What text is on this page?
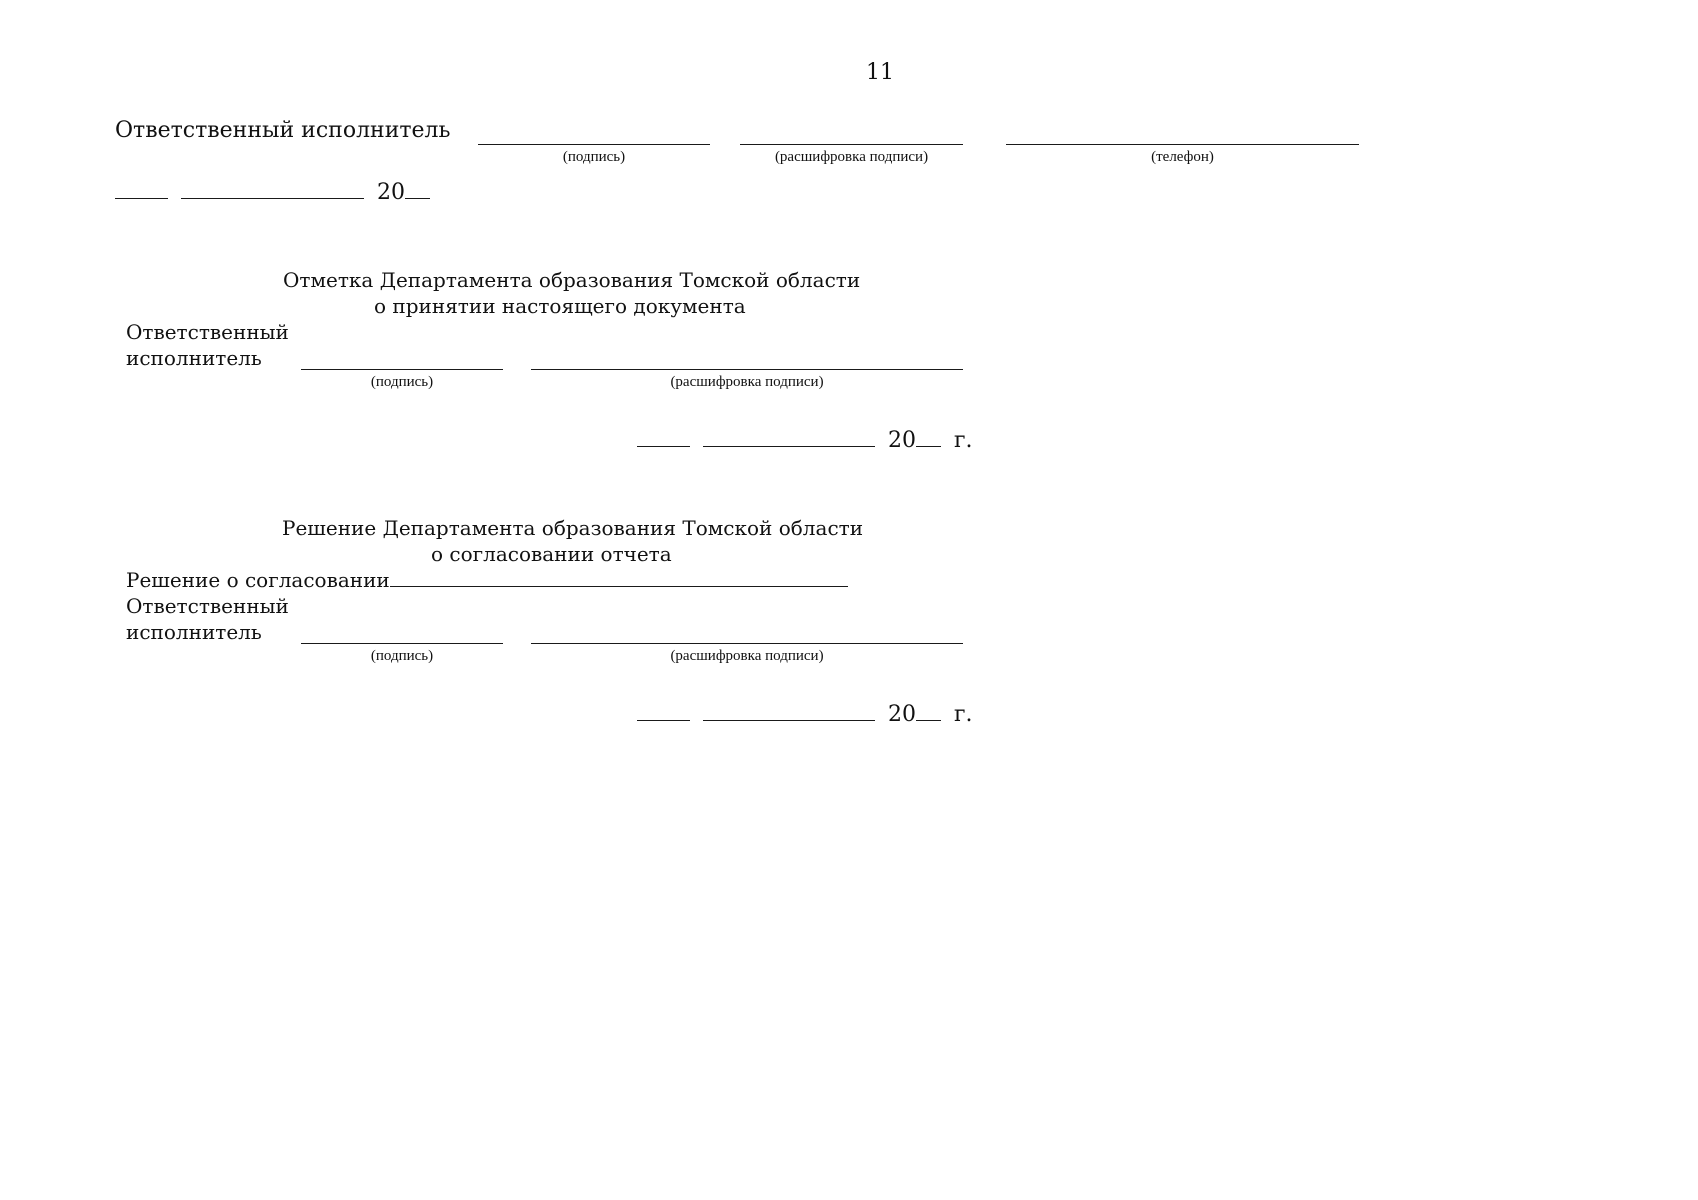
11
Ответственный исполнитель
(подпись)	(расшифровка подписи)	(телефон)
20
Отметка Департамента образования Томской области
о принятии настоящего документа
Ответственный
исполнитель
(подпись)	(расшифровка подписи)
20 г.
Решение Департамента образования Томской области
о согласовании отчета
Решение о согласовании
Ответственный
исполнитель
(подпись)	(расшифровка подписи)
20 г.
